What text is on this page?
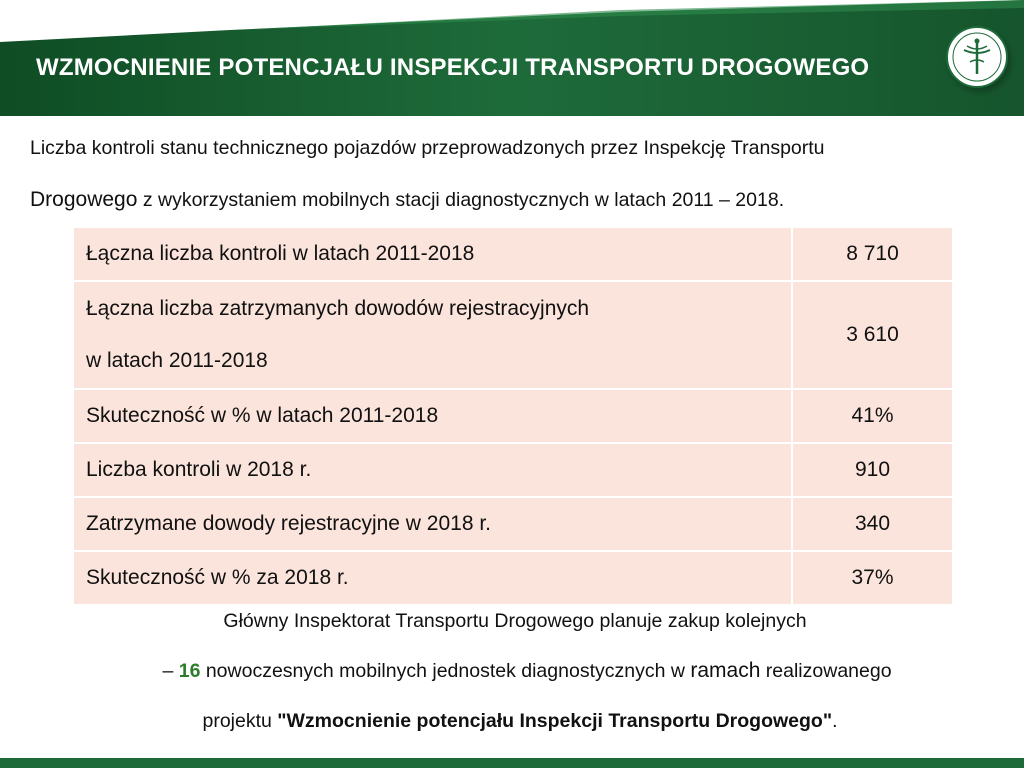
WZMOCNIENIE POTENCJAŁU INSPEKCJI TRANSPORTU DROGOWEGO

Liczba kontroli stanu technicznego pojazdów przeprowadzonych przez Inspekcję Transportu

Drogowego z wykorzystaniem mobilnych stacji diagnostycznych w latach 2011 – 2018.

Łączna liczba kontroli w latach 2011-2018	8 710

Łączna liczba zatrzymanych dowodów rejestracyjnych
w latach 2011-2018	3 610
Skuteczność w % w latach 2011-2018	41%
Liczba kontroli w 2018 r.	910
Zatrzymane dowody rejestracyjne w 2018 r.	340
Skuteczność w % za 2018 r.	37%

Główny Inspektorat Transportu Drogowego planuje zakup kolejnych

– 16 nowoczesnych mobilnych jednostek diagnostycznych w ramach realizowanego

projektu "Wzmocnienie potencjału Inspekcji Transportu Drogowego".
